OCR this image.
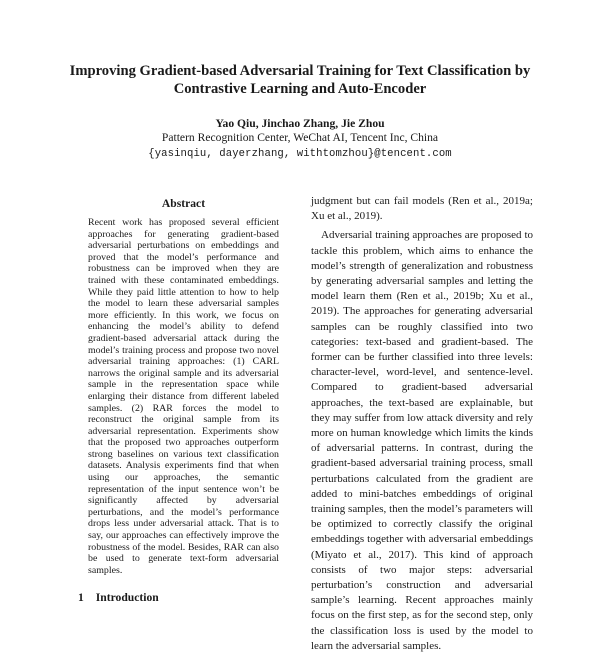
Improving Gradient-based Adversarial Training for Text Classification by Contrastive Learning and Auto-Encoder
Yao Qiu, Jinchao Zhang, Jie Zhou
Pattern Recognition Center, WeChat AI, Tencent Inc, China
{yasinqiu, dayerzhang, withtomzhou}@tencent.com
Abstract
Recent work has proposed several efficient approaches for generating gradient-based adversarial perturbations on embeddings and proved that the model’s performance and robustness can be improved when they are trained with these contaminated embeddings. While they paid little attention to how to help the model to learn these adversarial samples more efficiently. In this work, we focus on enhancing the model’s ability to defend gradient-based adversarial attack during the model’s training process and propose two novel adversarial training approaches: (1) CARL narrows the original sample and its adversarial sample in the representation space while enlarging their distance from different labeled samples. (2) RAR forces the model to reconstruct the original sample from its adversarial representation. Experiments show that the proposed two approaches outperform strong baselines on various text classification datasets. Analysis experiments find that when using our approaches, the semantic representation of the input sentence won’t be significantly affected by adversarial perturbations, and the model’s performance drops less under adversarial attack. That is to say, our approaches can effectively improve the robustness of the model. Besides, RAR can also be used to generate text-form adversarial samples.
1 Introduction

judgment but can fail models (Ren et al., 2019a; Xu et al., 2019).

Adversarial training approaches are proposed to tackle this problem, which aims to enhance the model’s strength of generalization and robustness by generating adversarial samples and letting the model learn them (Ren et al., 2019b; Xu et al., 2019). The approaches for generating adversarial samples can be roughly classified into two categories: text-based and gradient-based. The former can be further classified into three levels: character-level, word-level, and sentence-level. Compared to gradient-based adversarial approaches, the text-based are explainable, but they may suffer from low attack diversity and rely more on human knowledge which limits the kinds of adversarial patterns. In contrast, during the gradient-based adversarial training process, small perturbations calculated from the gradient are added to mini-batches embeddings of original training samples, then the model’s parameters will be optimized to correctly classify the original embeddings together with adversarial embeddings (Miyato et al., 2017). This kind of approach consists of two major steps: adversarial perturbation’s construction and adversarial sample’s learning. Recent approaches mainly focus on the first step, as for the second step, only the classification loss is used by the model to learn the adversarial samples.
